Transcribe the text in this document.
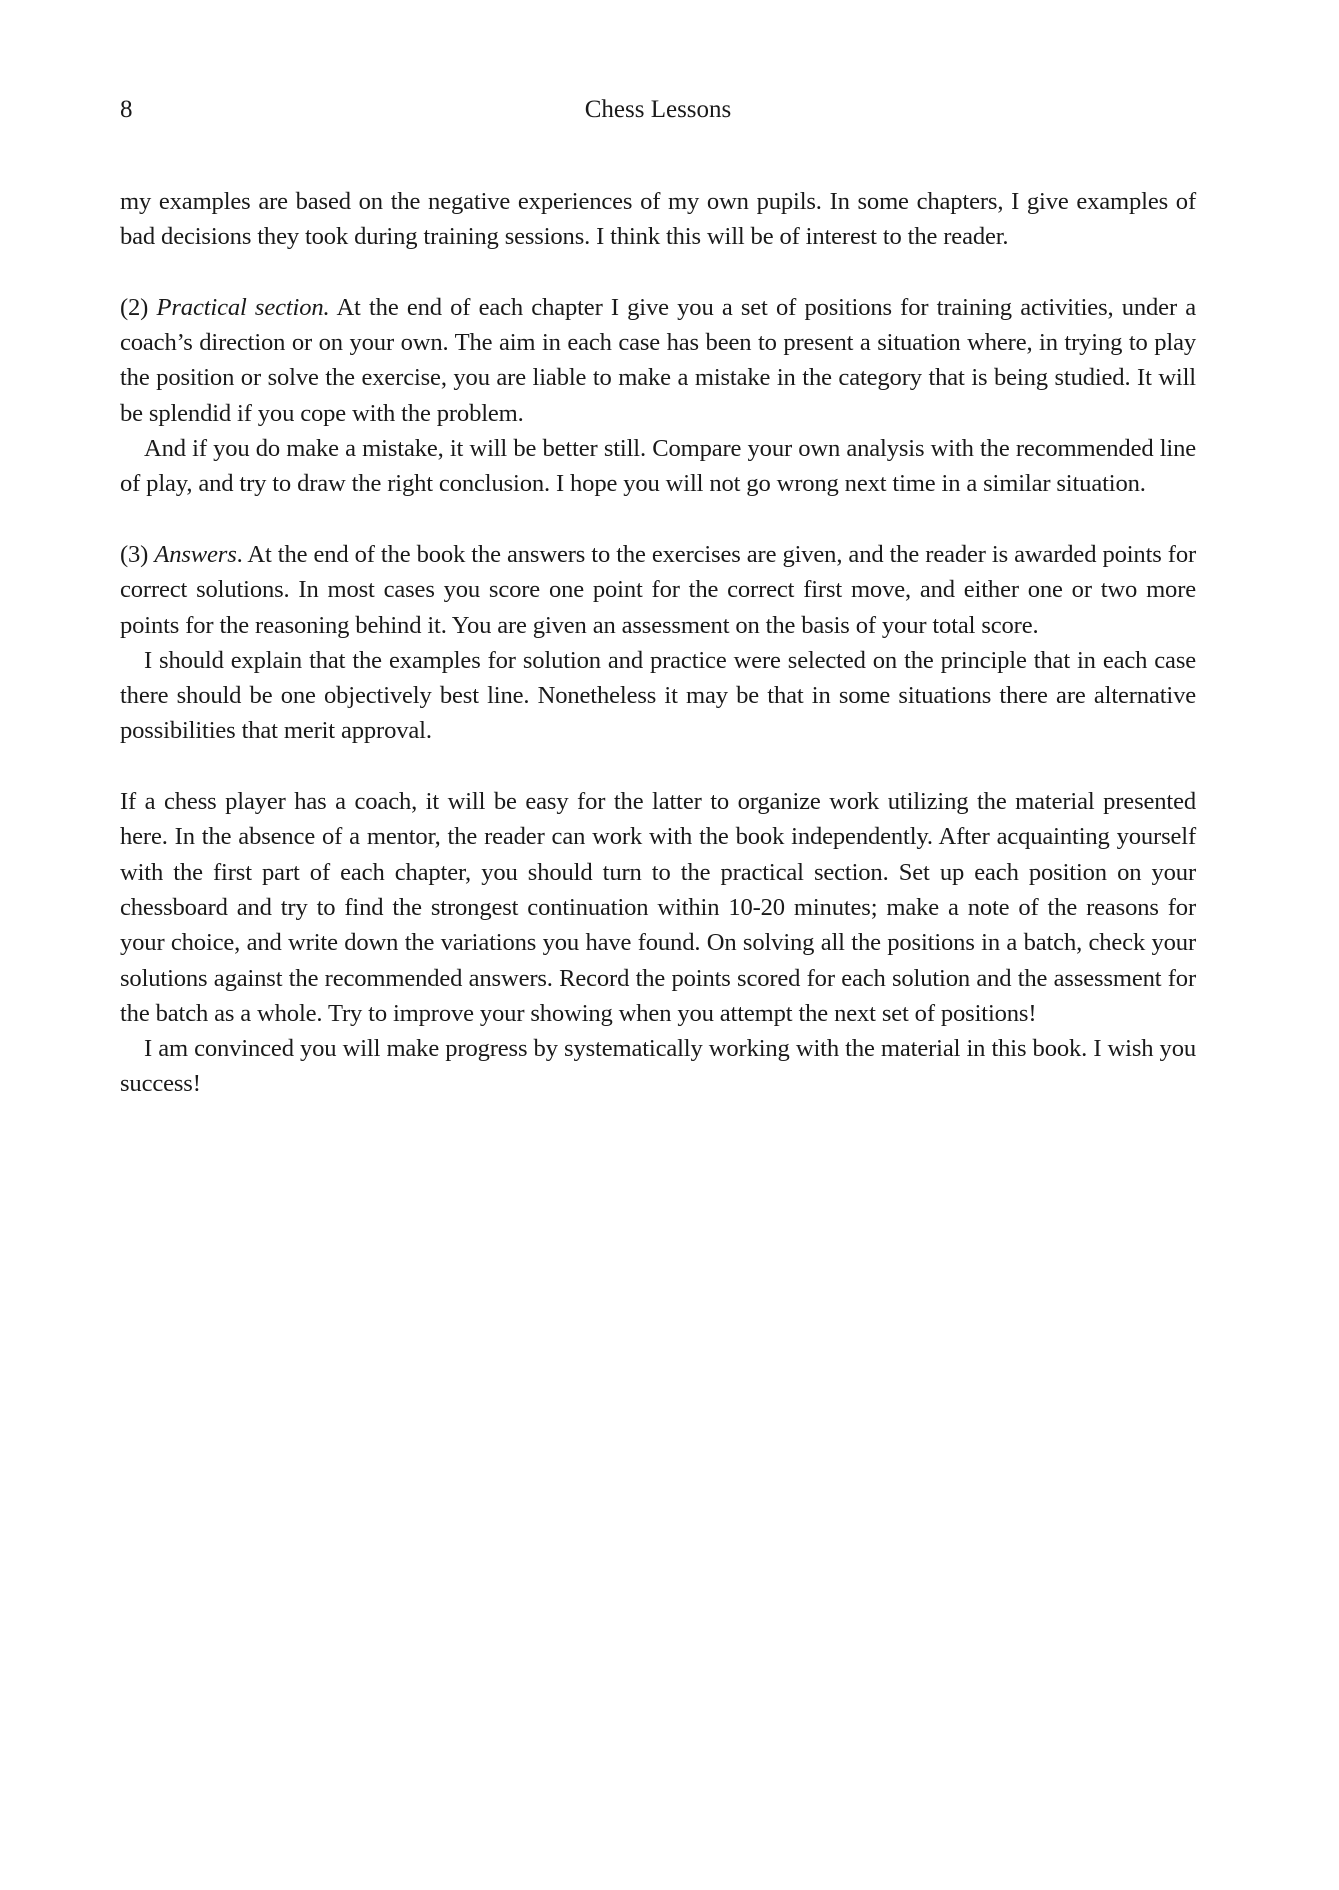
8	Chess Lessons

my examples are based on the negative experiences of my own pupils. In some chapters, I give examples of bad decisions they took during training sessions. I think this will be of interest to the reader.

(2) Practical section. At the end of each chapter I give you a set of positions for training activities, under a coach’s direction or on your own. The aim in each case has been to present a situation where, in trying to play the position or solve the exercise, you are liable to make a mistake in the category that is being studied. It will be splendid if you cope with the problem.

And if you do make a mistake, it will be better still. Compare your own analysis with the recommended line of play, and try to draw the right conclusion. I hope you will not go wrong next time in a similar situation.

(3) Answers. At the end of the book the answers to the exercises are given, and the reader is awarded points for correct solutions. In most cases you score one point for the correct first move, and either one or two more points for the reasoning behind it. You are given an assessment on the basis of your total score.

I should explain that the examples for solution and practice were selected on the principle that in each case there should be one objectively best line. Nonetheless it may be that in some situations there are alternative possibilities that merit approval.

If a chess player has a coach, it will be easy for the latter to organize work utilizing the material presented here. In the absence of a mentor, the reader can work with the book independently. After acquainting yourself with the first part of each chapter, you should turn to the practical section. Set up each position on your chessboard and try to find the strongest continuation within 10-20 minutes; make a note of the reasons for your choice, and write down the variations you have found. On solving all the positions in a batch, check your solutions against the recommended answers. Record the points scored for each solution and the assessment for the batch as a whole. Try to improve your showing when you attempt the next set of positions!

I am convinced you will make progress by systematically working with the material in this book. I wish you success!
